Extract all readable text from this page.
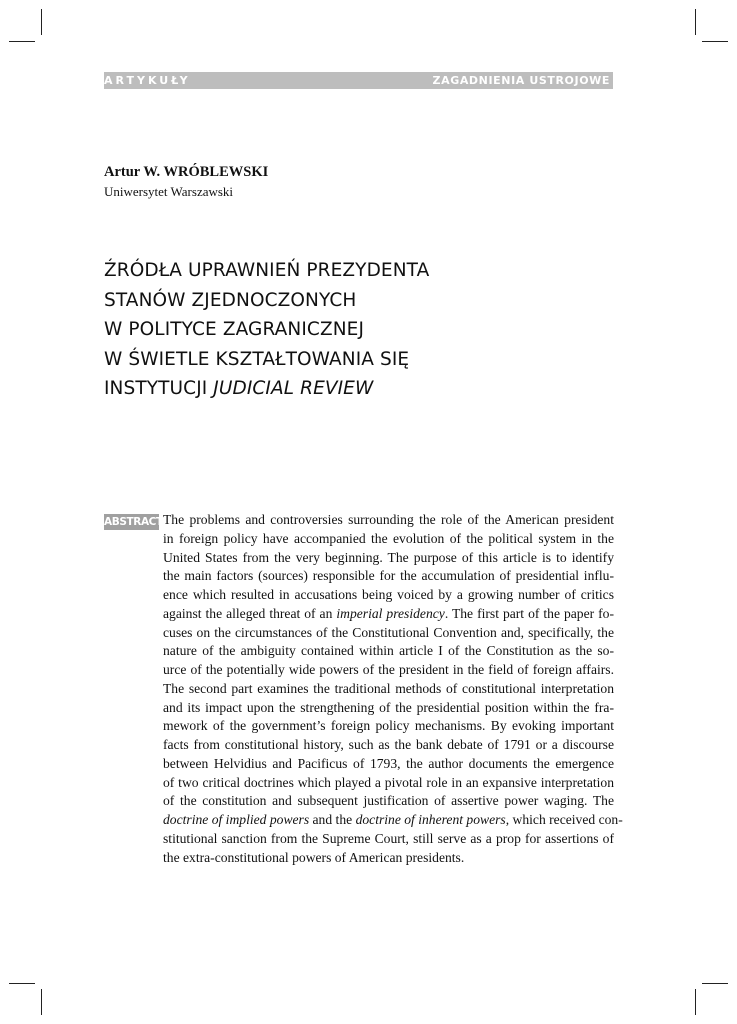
ARTYKUŁY	ZAGADNIENIA USTROJOWE
Artur W. WRÓBLEWSKI
Uniwersytet Warszawski
ŹRÓDŁA UPRAWNIEŃ PREZYDENTA
STANÓW ZJEDNOCZONYCH
W POLITYCE ZAGRANICZNEJ
W ŚWIETLE KSZTAŁTOWANIA SIĘ
INSTYTUCJI JUDICIAL REVIEW
ABSTRACT The problems and controversies surrounding the role of the American president
in foreign policy have accompanied the evolution of the political system in the
United States from the very beginning. The purpose of this article is to identify
the main factors (sources) responsible for the accumulation of presidential influ-
ence which resulted in accusations being voiced by a growing number of critics
against the alleged threat of an imperial presidency. The first part of the paper fo-
cuses on the circumstances of the Constitutional Convention and, specifically, the
nature of the ambiguity contained within article I of the Constitution as the so-
urce of the potentially wide powers of the president in the field of foreign affairs.
The second part examines the traditional methods of constitutional interpretation
and its impact upon the strengthening of the presidential position within the fra-
mework of the government’s foreign policy mechanisms. By evoking important
facts from constitutional history, such as the bank debate of 1791 or a discourse
between Helvidius and Pacificus of 1793, the author documents the emergence
of two critical doctrines which played a pivotal role in an expansive interpretation
of the constitution and subsequent justification of assertive power waging. The
doctrine of implied powers and the doctrine of inherent powers, which received con-
stitutional sanction from the Supreme Court, still serve as a prop for assertions of
the extra-constitutional powers of American presidents.
